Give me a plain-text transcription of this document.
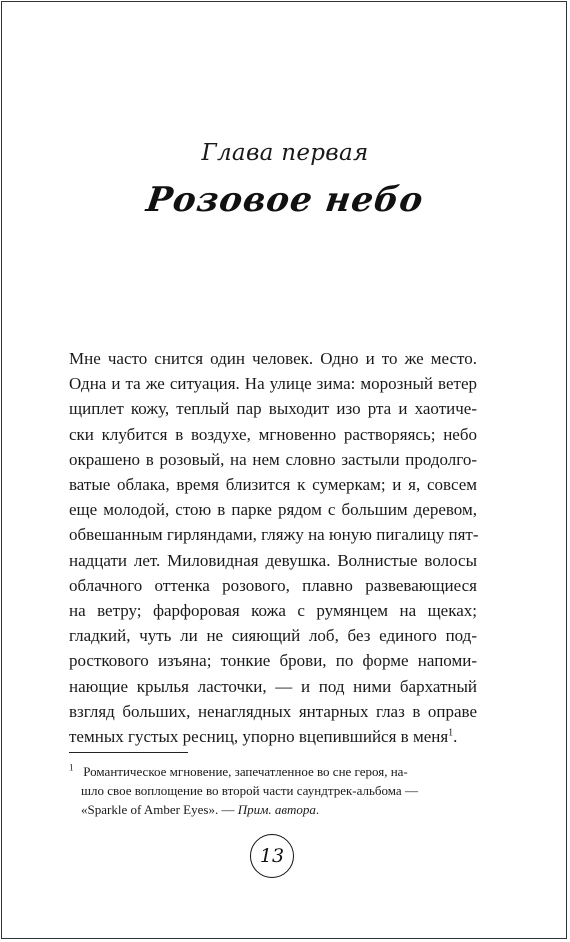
Глава первая
Розовое небо

Мне часто снится один человек. Одно и то же место.
Одна и та же ситуация. На улице зима: морозный ветер
щиплет кожу, теплый пар выходит изо рта и хаотиче-
ски клубится в воздухе, мгновенно растворяясь; небо
окрашено в розовый, на нем словно застыли продолго-
ватые облака, время близится к сумеркам; и я, совсем
еще молодой, стою в парке рядом с большим деревом,
обвешанным гирляндами, гляжу на юную пигалицу пят-
надцати лет. Миловидная девушка. Волнистые волосы
облачного оттенка розового, плавно развевающиеся
на ветру; фарфоровая кожа с румянцем на щеках;
гладкий, чуть ли не сияющий лоб, без единого под-
росткового изъяна; тонкие брови, по форме напоми-
нающие крылья ласточки, — и под ними бархатный
взгляд больших, ненаглядных янтарных глаз в оправе
темных густых ресниц, упорно вцепившийся в меня$^1$.

$^1$ Романтическое мгновение, запечатленное во сне героя, на-
шло свое воплощение во второй части саундтрек-альбома —
«Sparkle of Amber Eyes». — Прим. автора.

13
